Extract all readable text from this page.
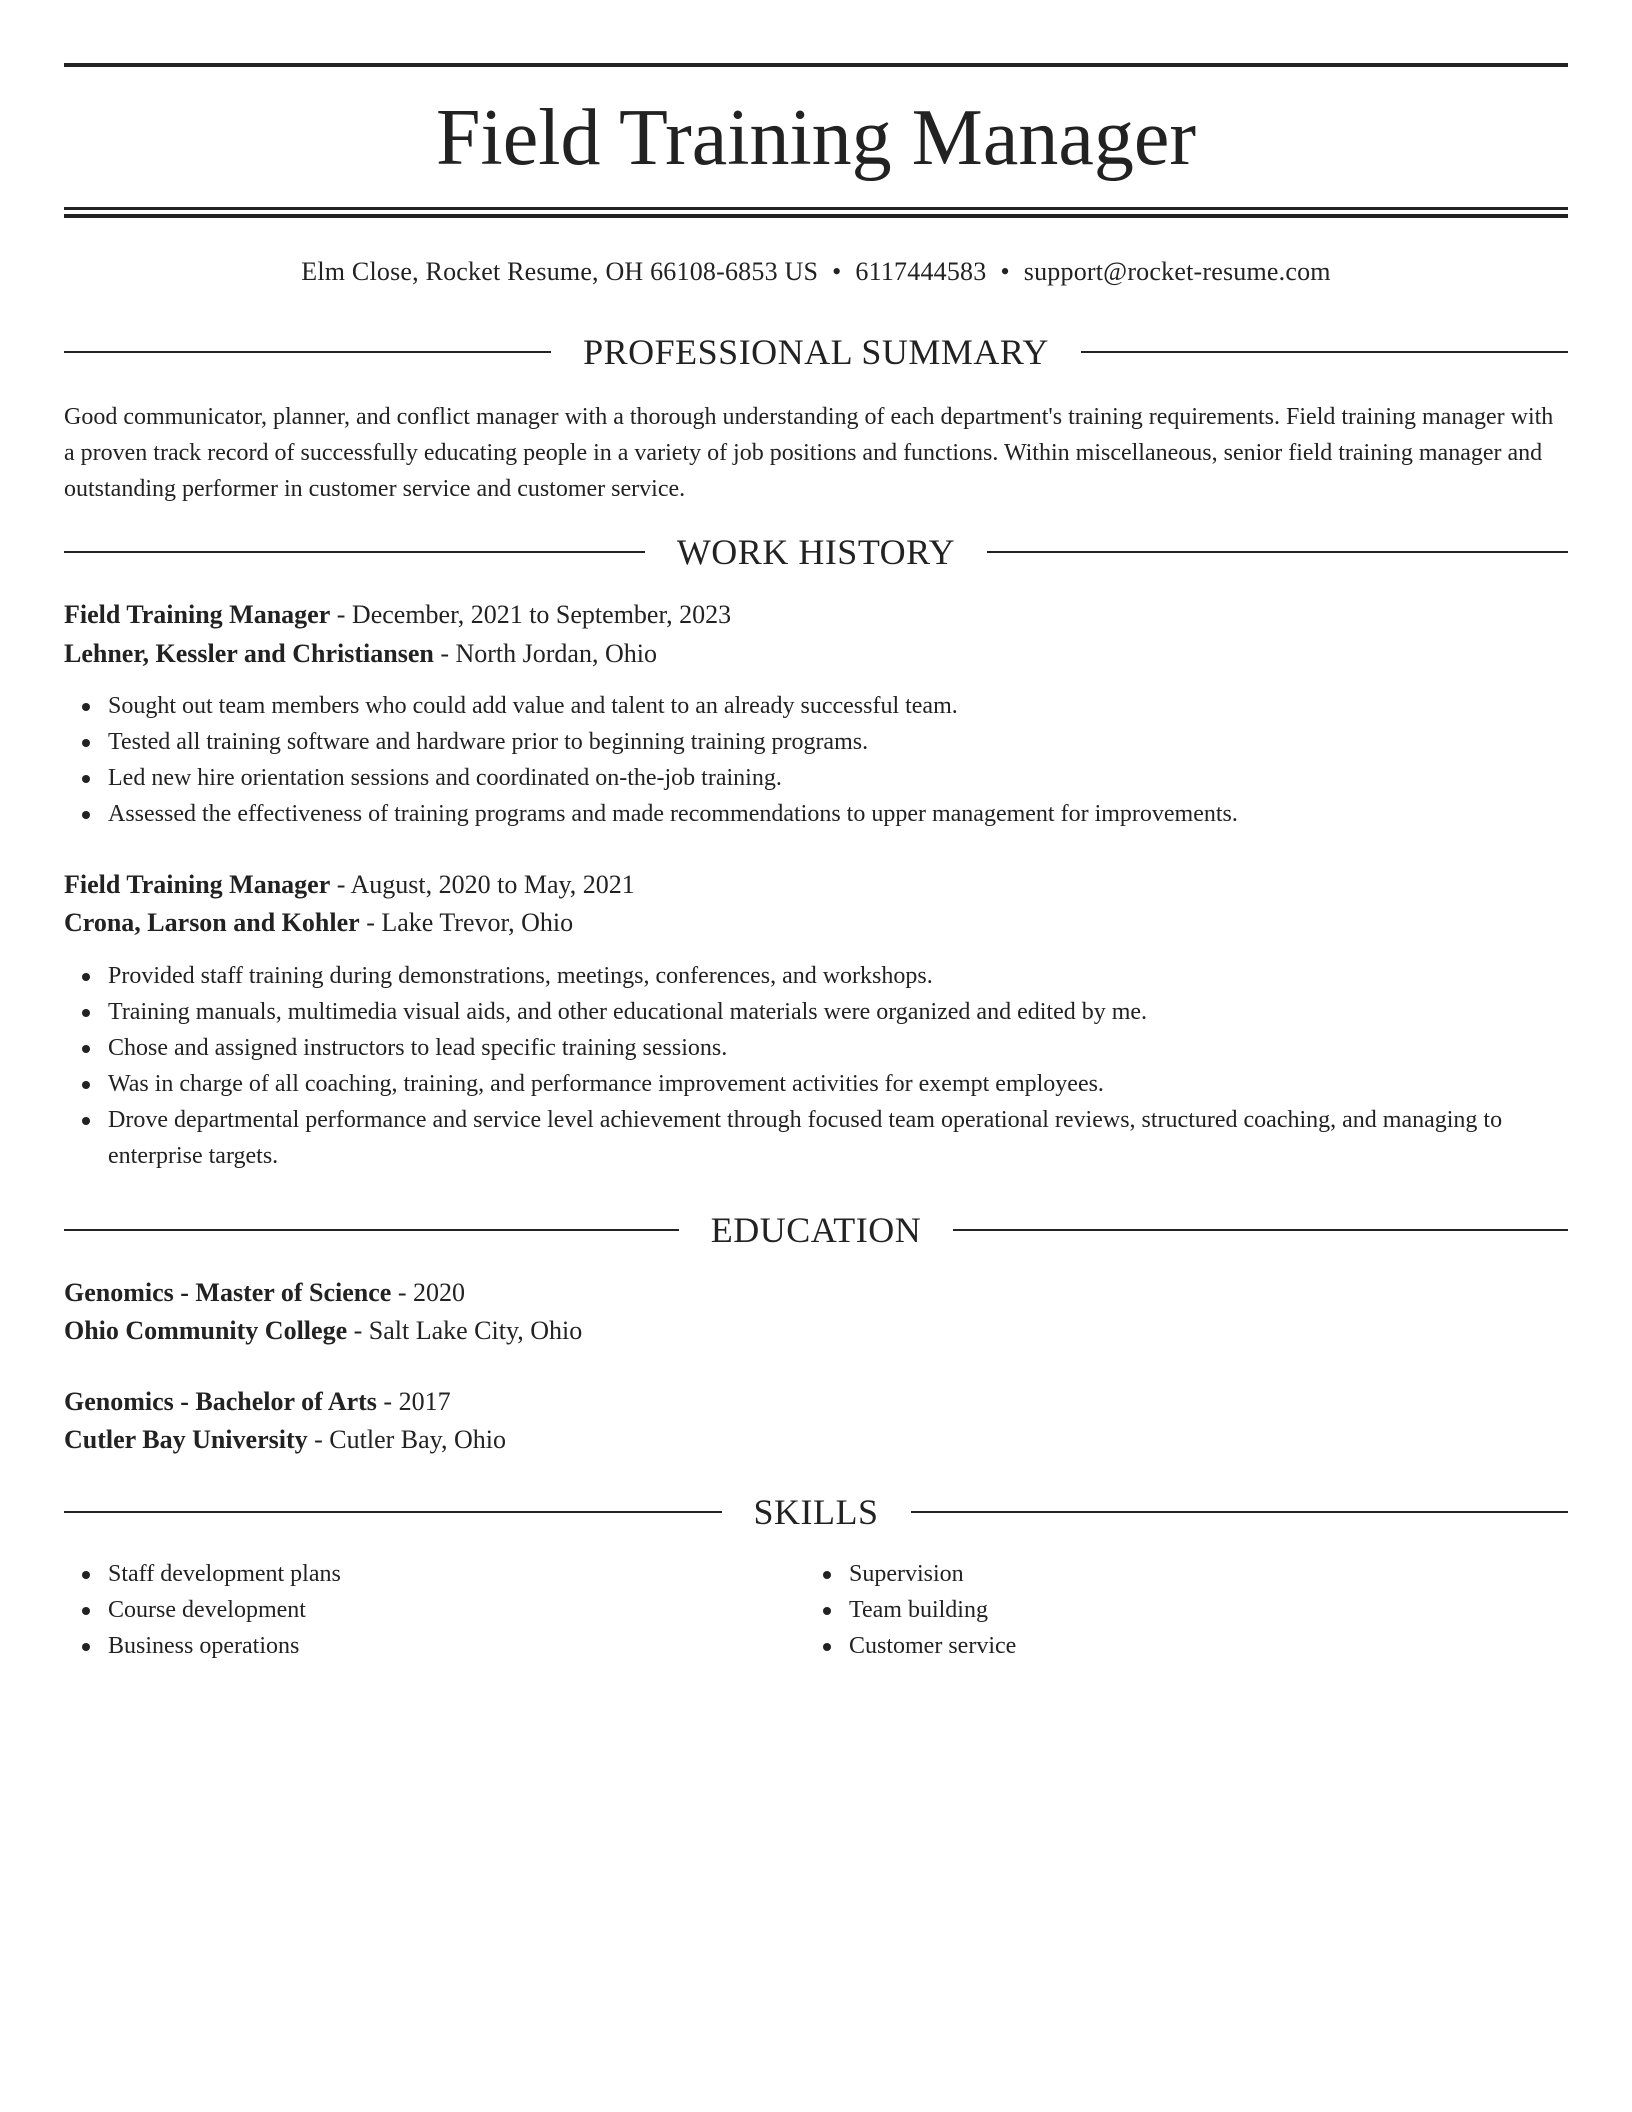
Field Training Manager
Elm Close, Rocket Resume, OH 66108-6853 US • 6117444583 • support@rocket-resume.com
PROFESSIONAL SUMMARY

Good communicator, planner, and conflict manager with a thorough understanding of each department's training requirements. Field training manager with a proven track record of successfully educating people in a variety of job positions and functions. Within miscellaneous, senior field training manager and outstanding performer in customer service and customer service.

WORK HISTORY
Field Training Manager - December, 2021 to September, 2023
Lehner, Kessler and Christiansen - North Jordan, Ohio
Sought out team members who could add value and talent to an already successful team.
Tested all training software and hardware prior to beginning training programs.
Led new hire orientation sessions and coordinated on-the-job training.
Assessed the effectiveness of training programs and made recommendations to upper management for improvements.
Field Training Manager - August, 2020 to May, 2021
Crona, Larson and Kohler - Lake Trevor, Ohio
Provided staff training during demonstrations, meetings, conferences, and workshops.
Training manuals, multimedia visual aids, and other educational materials were organized and edited by me.
Chose and assigned instructors to lead specific training sessions.
Was in charge of all coaching, training, and performance improvement activities for exempt employees.
Drove departmental performance and service level achievement through focused team operational reviews, structured coaching, and managing to enterprise targets.
EDUCATION
Genomics - Master of Science - 2020
Ohio Community College - Salt Lake City, Ohio
Genomics - Bachelor of Arts - 2017
Cutler Bay University - Cutler Bay, Ohio
SKILLS
Staff development plans
Course development
Business operations
Supervision
Team building
Customer service
